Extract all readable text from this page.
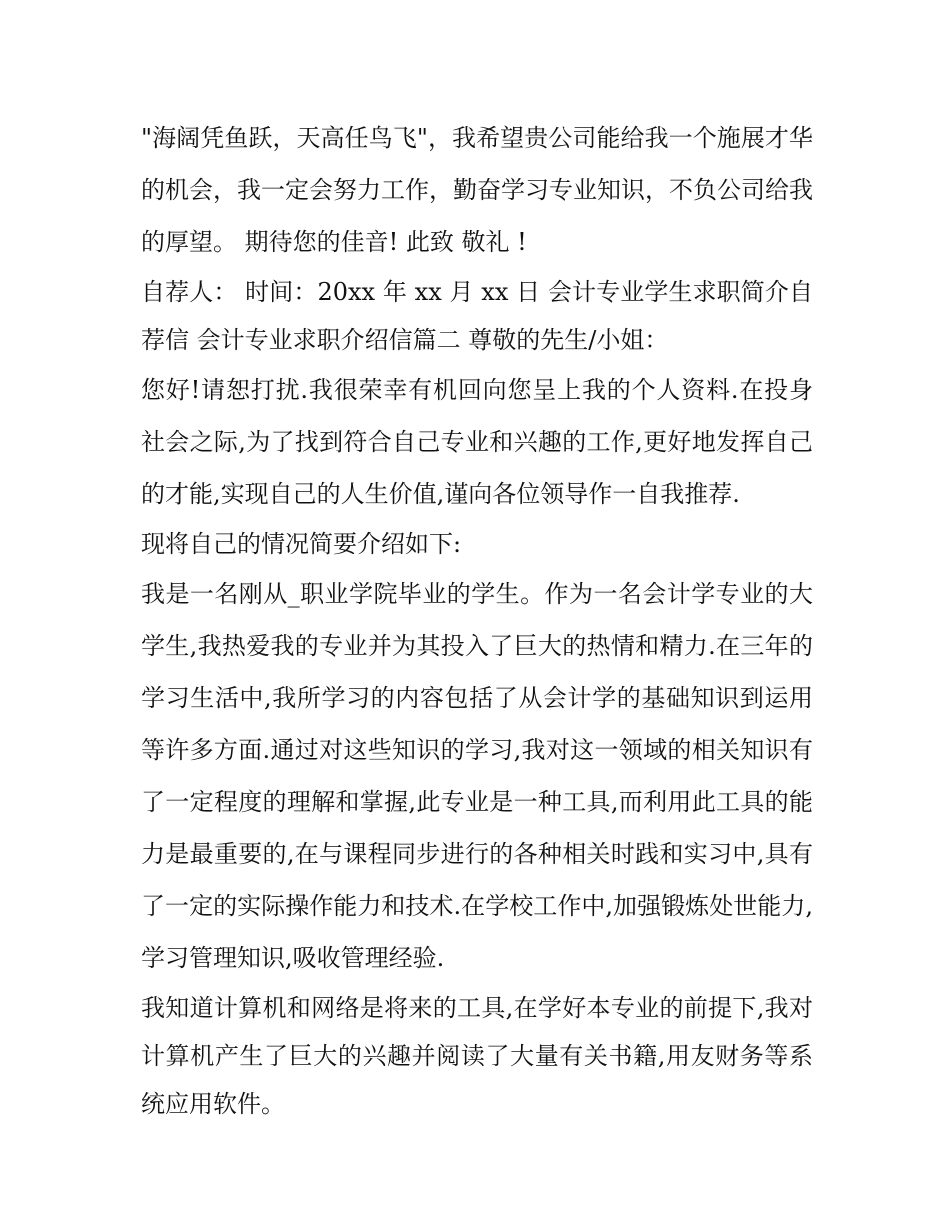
"海阔凭鱼跃，天高任鸟飞"，我希望贵公司能给我一个施展才华的机会，我一定会努力工作，勤奋学习专业知识，不负公司给我的厚望。 期待您的佳音! 此致 敬礼 !

自荐人： 时间：20xx 年 xx 月 xx 日 会计专业学生求职简介自荐信 会计专业求职介绍信篇二 尊敬的先生/小姐：

您好!请恕打扰.我很荣幸有机回向您呈上我的个人资料.在投身社会之际,为了找到符合自己专业和兴趣的工作,更好地发挥自己的才能,实现自己的人生价值,谨向各位领导作一自我推荐.

现将自己的情况简要介绍如下:

我是一名刚从_职业学院毕业的学生。作为一名会计学专业的大学生,我热爱我的专业并为其投入了巨大的热情和精力.在三年的学习生活中,我所学习的内容包括了从会计学的基础知识到运用等许多方面.通过对这些知识的学习,我对这一领域的相关知识有了一定程度的理解和掌握,此专业是一种工具,而利用此工具的能力是最重要的,在与课程同步进行的各种相关时践和实习中,具有了一定的实际操作能力和技术.在学校工作中,加强锻炼处世能力,学习管理知识,吸收管理经验.

我知道计算机和网络是将来的工具,在学好本专业的前提下,我对计算机产生了巨大的兴趣并阅读了大量有关书籍,用友财务等系统应用软件。
